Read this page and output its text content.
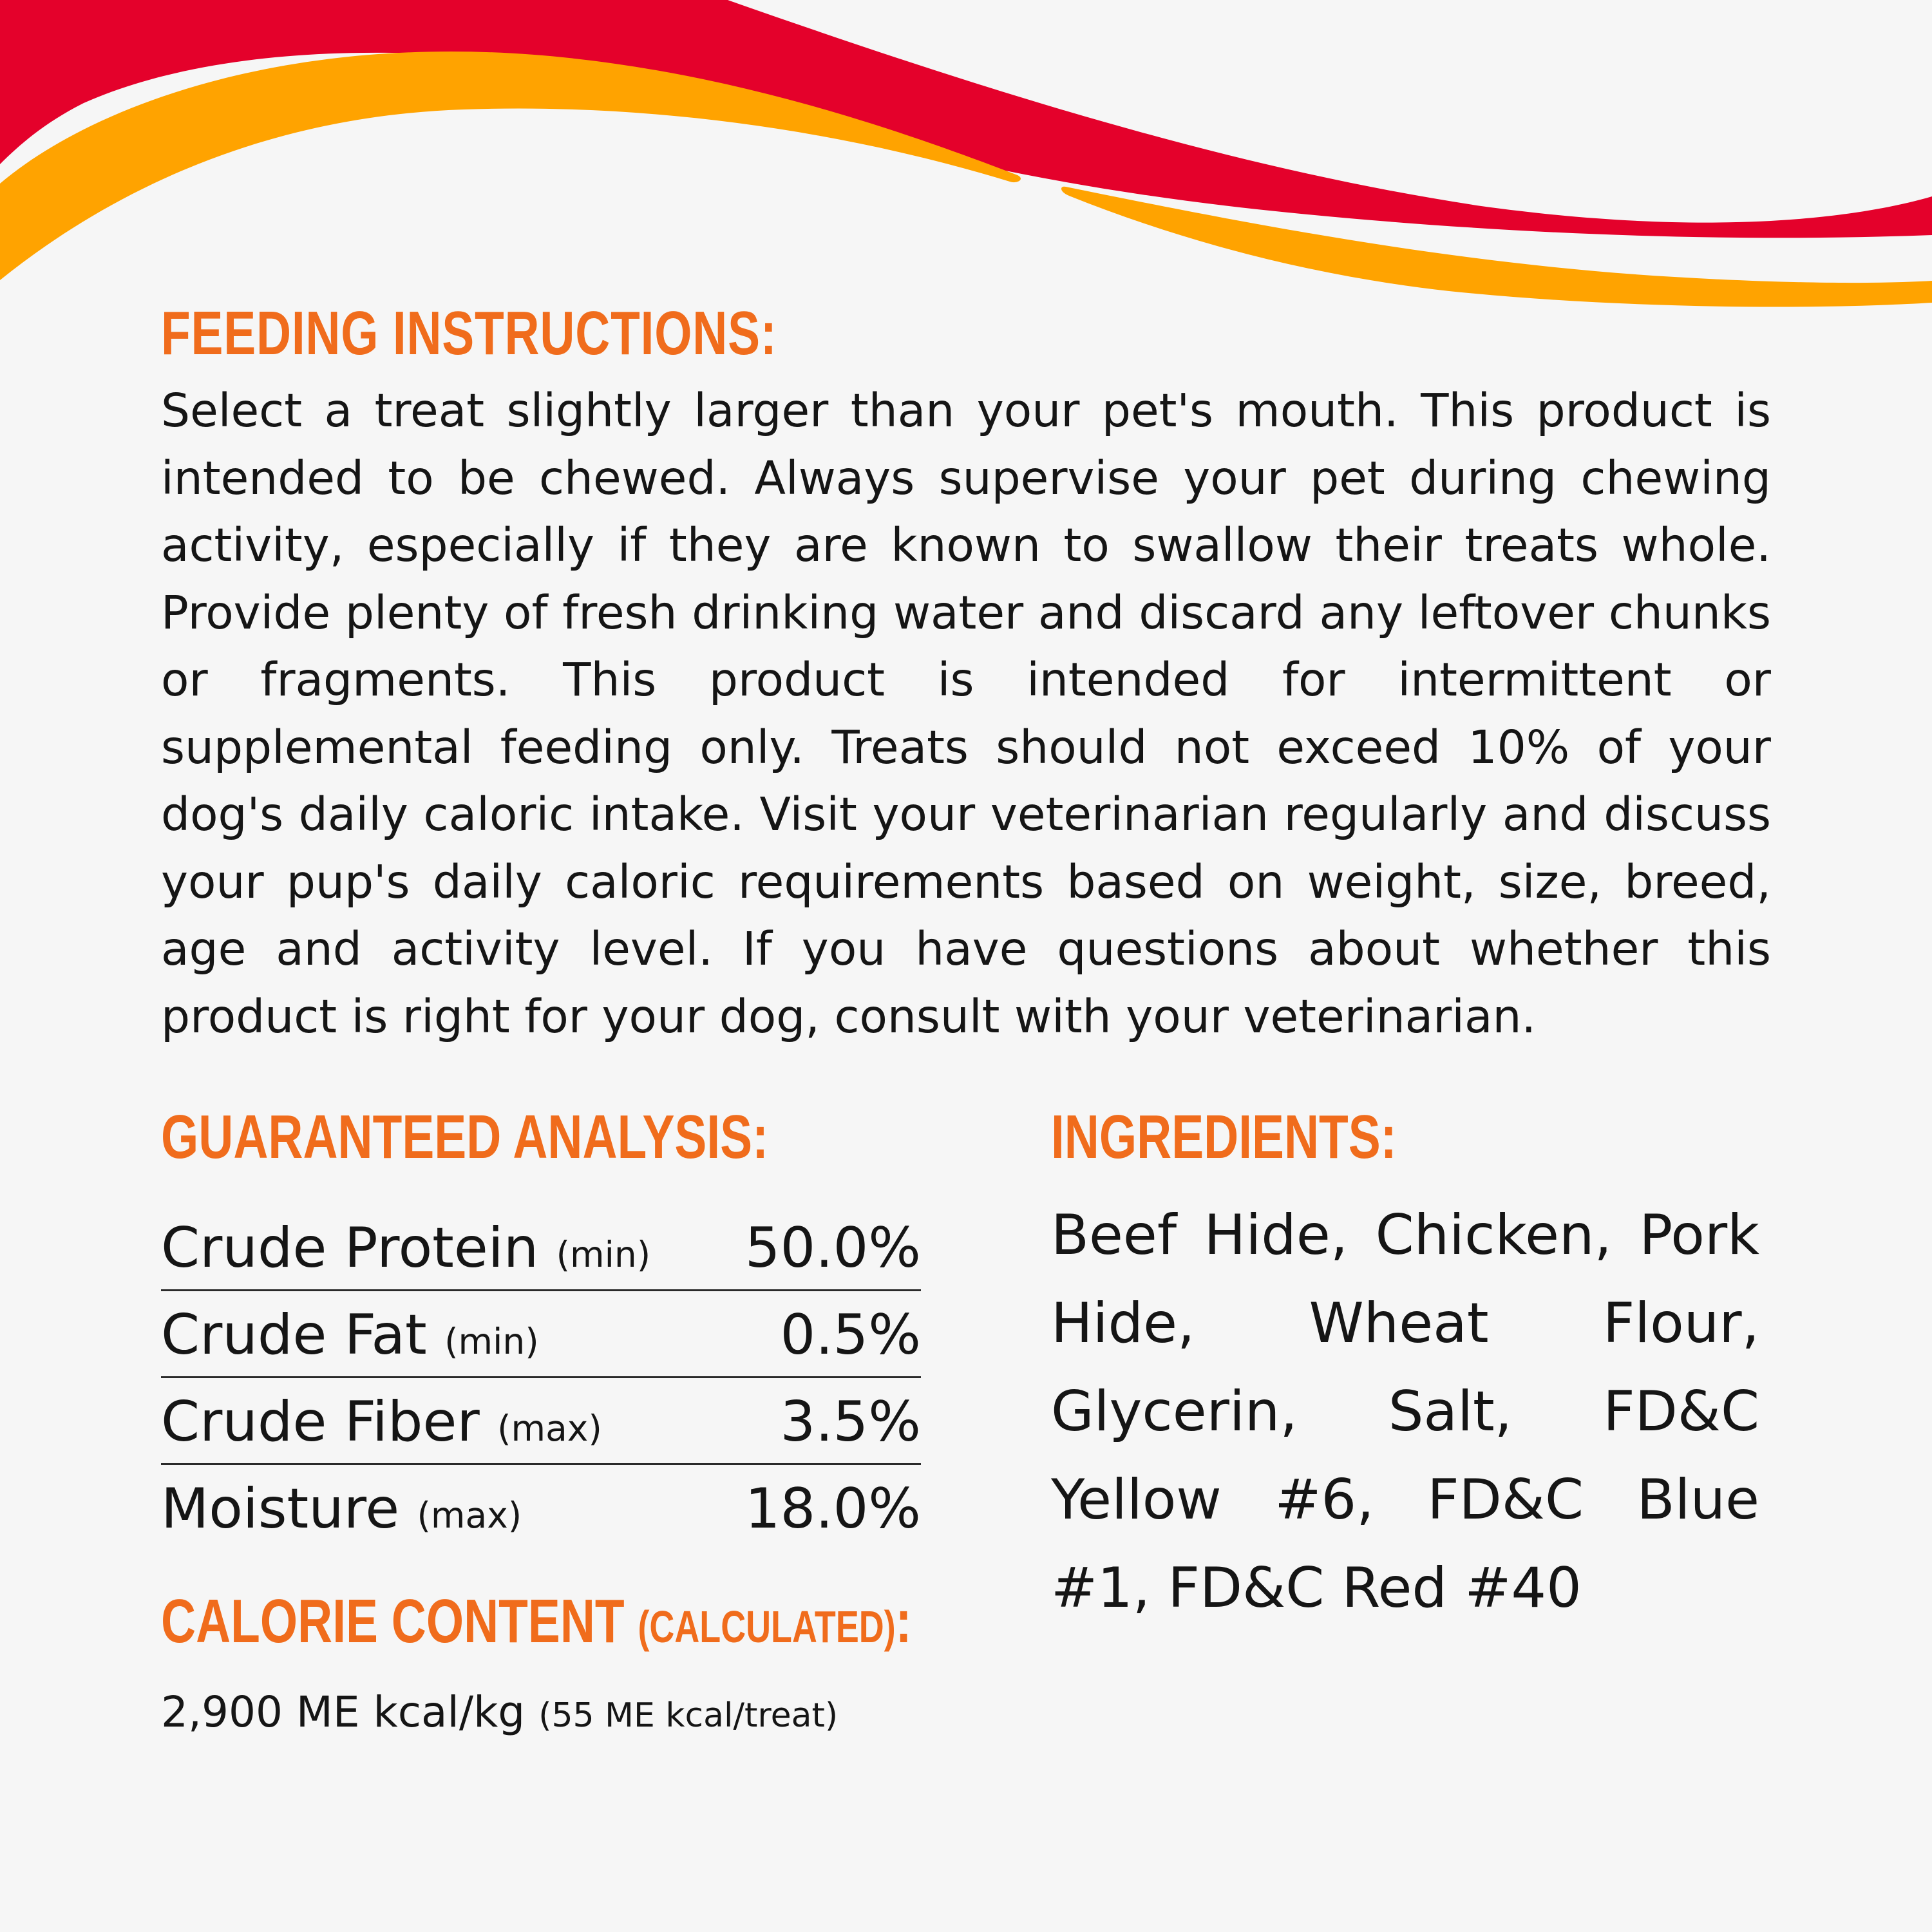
FEEDING INSTRUCTIONS:

Select a treat slightly larger than your pet's mouth. This product is intended to be chewed. Always supervise your pet during chewing activity, especially if they are known to swallow their treats whole. Provide plenty of fresh drinking water and discard any leftover chunks or fragments. This product is intended for intermittent or supplemental feeding only. Treats should not exceed 10% of your dog's daily caloric intake. Visit your veterinarian regularly and discuss your pup's daily caloric requirements based on weight, size, breed, age and activity level. If you have questions about whether this product is right for your dog, consult with your veterinarian.

GUARANTEED ANALYSIS:
Crude Protein (min) 50.0%
Crude Fat (min)	0.5%
Crude Fiber (max)	3.5%
Moisture (max)	18.0%
CALORIE CONTENT (CALCULATED):

2,900 ME kcal/kg (55 ME kcal/treat)

INGREDIENTS:

Beef Hide, Chicken, Pork Hide, Wheat Flour, Glycerin, Salt, FD&C Yellow #6, FD&C Blue #1, FD&C Red #40
